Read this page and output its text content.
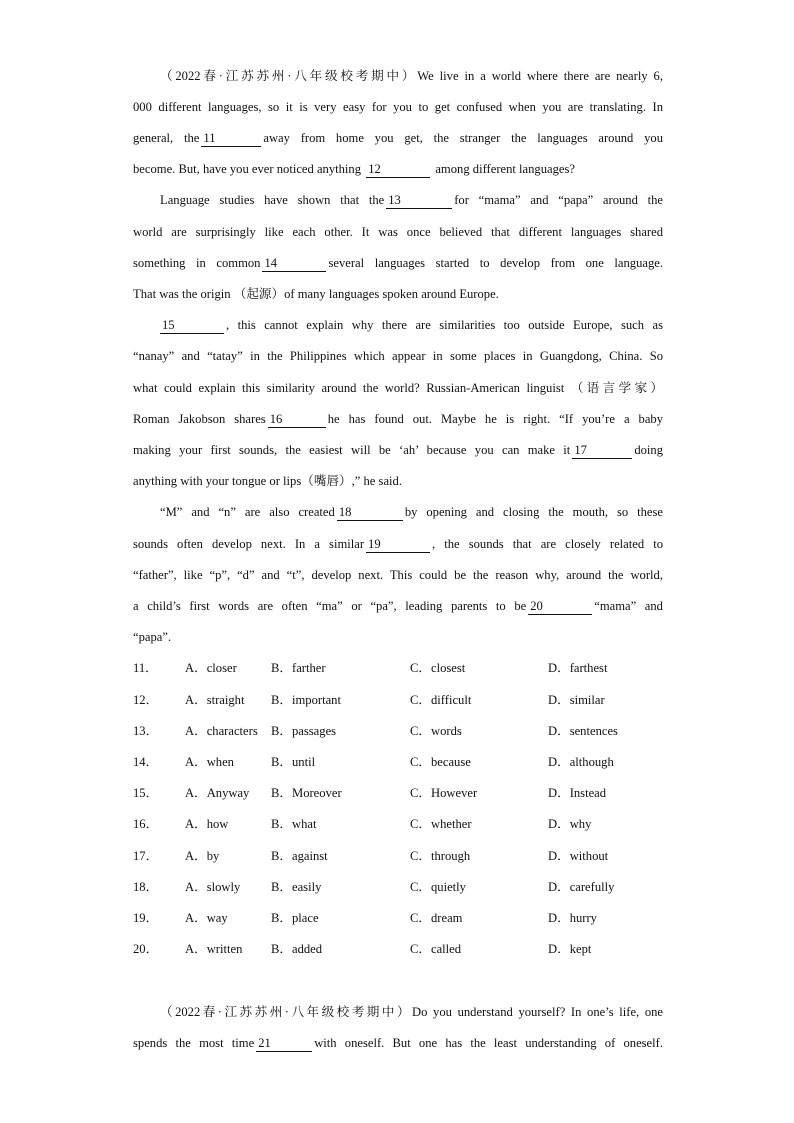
（2022春·江苏苏州·八年级校考期中）We live in a world where there are nearly 6,
000 different languages, so it is very easy for you to get confused when you are translating. In
general, the 11	away from home you get, the stranger the languages around you
become. But, have you ever noticed anything 12	among different languages?
Language studies have shown that the 13	for “mama” and “papa” around the
world are surprisingly like each other. It was once believed that different languages shared
something in common 14	several languages started to develop from one language.
That was the origin （起源）of many languages spoken around Europe.
15	, this cannot explain why there are similarities too outside Europe, such as
“nanay” and “tatay” in the Philippines which appear in some places in Guangdong, China. So
what could explain this similarity around the world? Russian-American linguist （语言学家）
Roman Jakobson shares 16	he has found out. Maybe he is right. “If you’re a baby
making your first sounds, the easiest will be ‘ah’ because you can make it 17	doing
anything with your tongue or lips（嘴唇）,” he said.
“M” and “n” are also created 18	by opening and closing the mouth, so these
sounds often develop next. In a similar 19	, the sounds that are closely related to
“father”, like “p”, “d” and “t”, develop next. This could be the reason why, around the world,
a child’s first words are often “ma” or “pa”, leading parents to be 20	“mama” and
“papa”.
11． A．closer	B．farther	C．closest	D．farthest
12． A．straight B．important	C．difficult	D．similar
13． A．characters B．passages	C．words	D．sentences
14． A．when	B．until	C．because	D．although
15． A．Anyway B．Moreover	C．However	D．Instead
16． A．how	B．what	C．whether	D．why
17． A．by	B．against	C．through	D．without
18． A．slowly B．easily	C．quietly	D．carefully
19． A．way	B．place	C．dream	D．hurry
20． A．written B．added	C．called	D．kept
（2022春·江苏苏州·八年级校考期中）Do you understand yourself? In one’s life, one
spends the most time 21	with oneself. But one has the least understanding of oneself.
